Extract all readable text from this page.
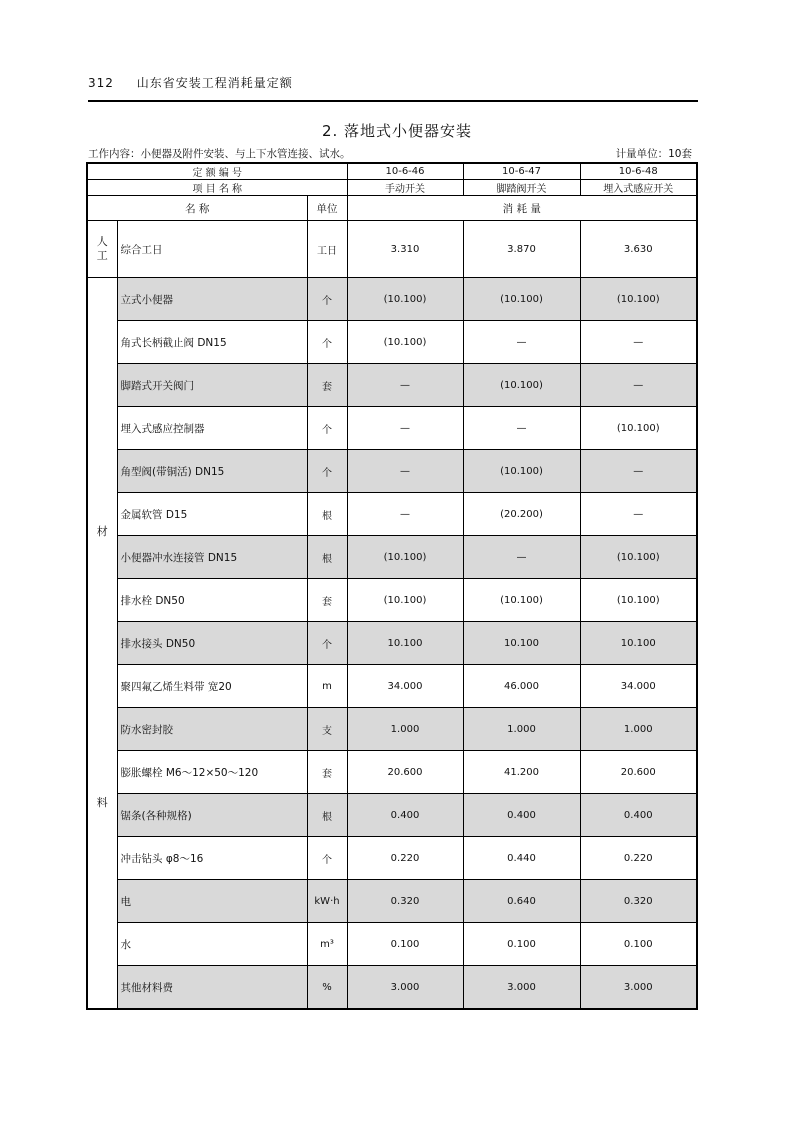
312 山东省安装工程消耗量定额
2. 落地式小便器安装
工作内容：小便器及附件安装、与上下水管连接、试水。	计量单位：10套
定 额 编 号			10-6-46	10-6-47	10-6-48
项 目 名 称			手动开关	脚踏阀开关	埋入式感应开关
名 称		单位	消 耗 量		
人工	综合工日	工日	3.310	3.870	3.630

材
料	立式小便器	个	(10.100)	(10.100)	(10.100)
	角式长柄截止阀 DN15	个	(10.100)	—	—
	脚踏式开关阀门	套	—	(10.100)	—
	埋入式感应控制器	个	—	—	(10.100)
	角型阀(带铜活) DN15	个	—	(10.100)	—
	金属软管 D15	根	—	(20.200)	—
	小便器冲水连接管 DN15	根	(10.100)	—	(10.100)
	排水栓 DN50	套	(10.100)	(10.100)	(10.100)
	排水接头 DN50	个	10.100	10.100	10.100
	聚四氟乙烯生料带 宽20	m	34.000	46.000	34.000
	防水密封胶	支	1.000	1.000	1.000
	膨胀螺栓 M6～12×50～120	套	20.600	41.200	20.600
	锯条(各种规格)	根	0.400	0.400	0.400
	冲击钻头 φ8～16	个	0.220	0.440	0.220
	电	kW·h	0.320	0.640	0.320
	水	m³	0.100	0.100	0.100
	其他材料费	%	3.000	3.000	3.000
